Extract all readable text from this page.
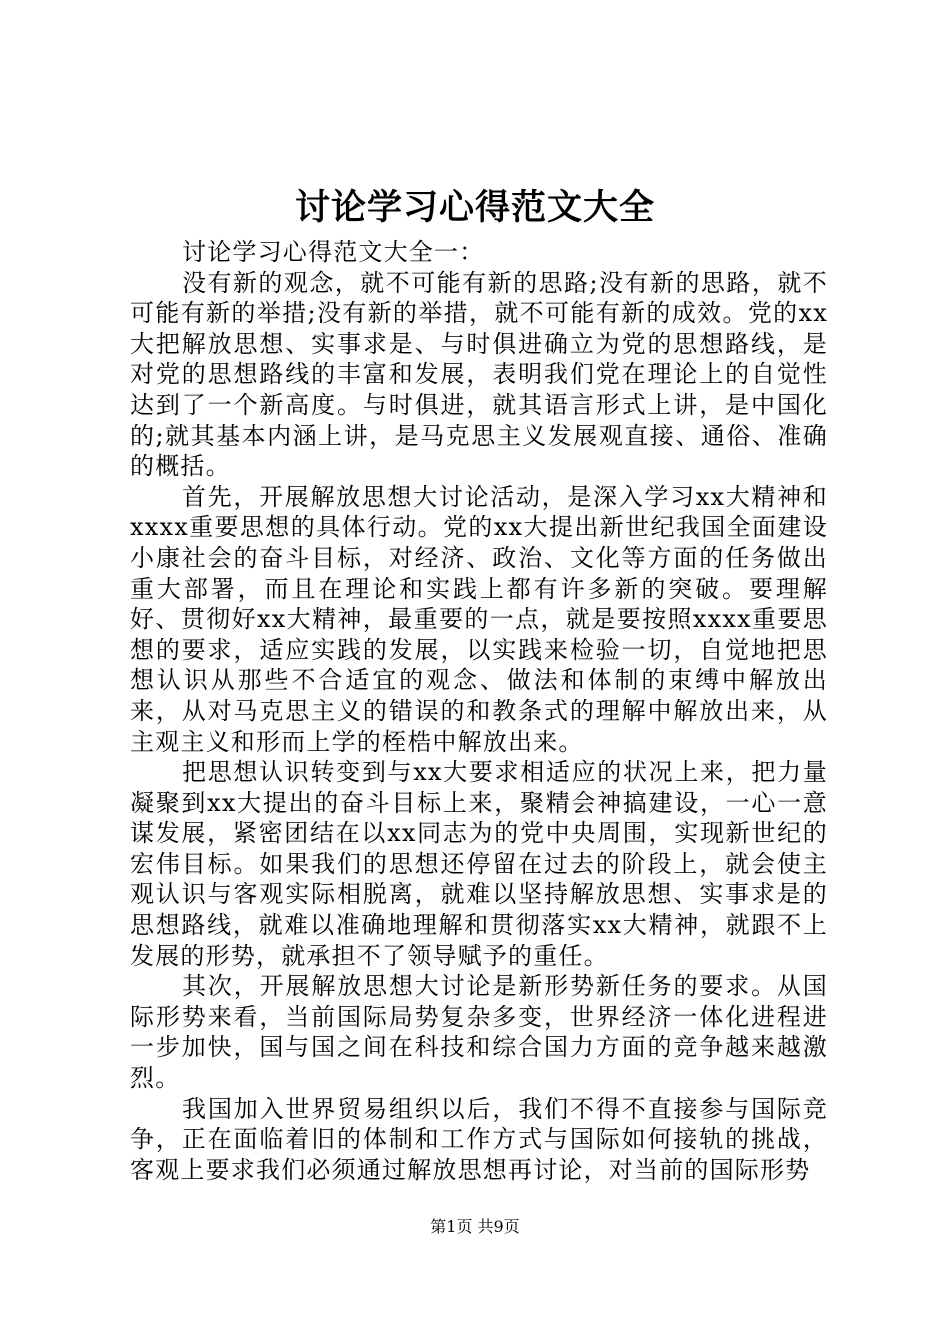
讨论学习心得范文大全

讨论学习心得范文大全一：

没有新的观念，就不可能有新的思路;没有新的思路，就不可能有新的举措;没有新的举措，就不可能有新的成效。党的xx大把解放思想、实事求是、与时俱进确立为党的思想路线，是对党的思想路线的丰富和发展，表明我们党在理论上的自觉性达到了一个新高度。与时俱进，就其语言形式上讲，是中国化的;就其基本内涵上讲，是马克思主义发展观直接、通俗、准确的概括。

首先，开展解放思想大讨论活动，是深入学习xx大精神和xxxx重要思想的具体行动。党的xx大提出新世纪我国全面建设小康社会的奋斗目标，对经济、政治、文化等方面的任务做出重大部署，而且在理论和实践上都有许多新的突破。要理解好、贯彻好xx大精神，最重要的一点，就是要按照xxxx重要思想的要求，适应实践的发展，以实践来检验一切，自觉地把思想认识从那些不合适宜的观念、做法和体制的束缚中解放出来，从对马克思主义的错误的和教条式的理解中解放出来，从主观主义和形而上学的桎梏中解放出来。

把思想认识转变到与xx大要求相适应的状况上来，把力量凝聚到xx大提出的奋斗目标上来，聚精会神搞建设，一心一意谋发展，紧密团结在以xx同志为的党中央周围，实现新世纪的宏伟目标。如果我们的思想还停留在过去的阶段上，就会使主观认识与客观实际相脱离，就难以坚持解放思想、实事求是的思想路线，就难以准确地理解和贯彻落实xx大精神，就跟不上发展的形势，就承担不了领导赋予的重任。

其次，开展解放思想大讨论是新形势新任务的要求。从国际形势来看，当前国际局势复杂多变，世界经济一体化进程进一步加快，国与国之间在科技和综合国力方面的竞争越来越激烈。

我国加入世界贸易组织以后，我们不得不直接参与国际竞争，正在面临着旧的体制和工作方式与国际如何接轨的挑战，客观上要求我们必须通过解放思想再讨论，对当前的国际形势

第1页 共9页
